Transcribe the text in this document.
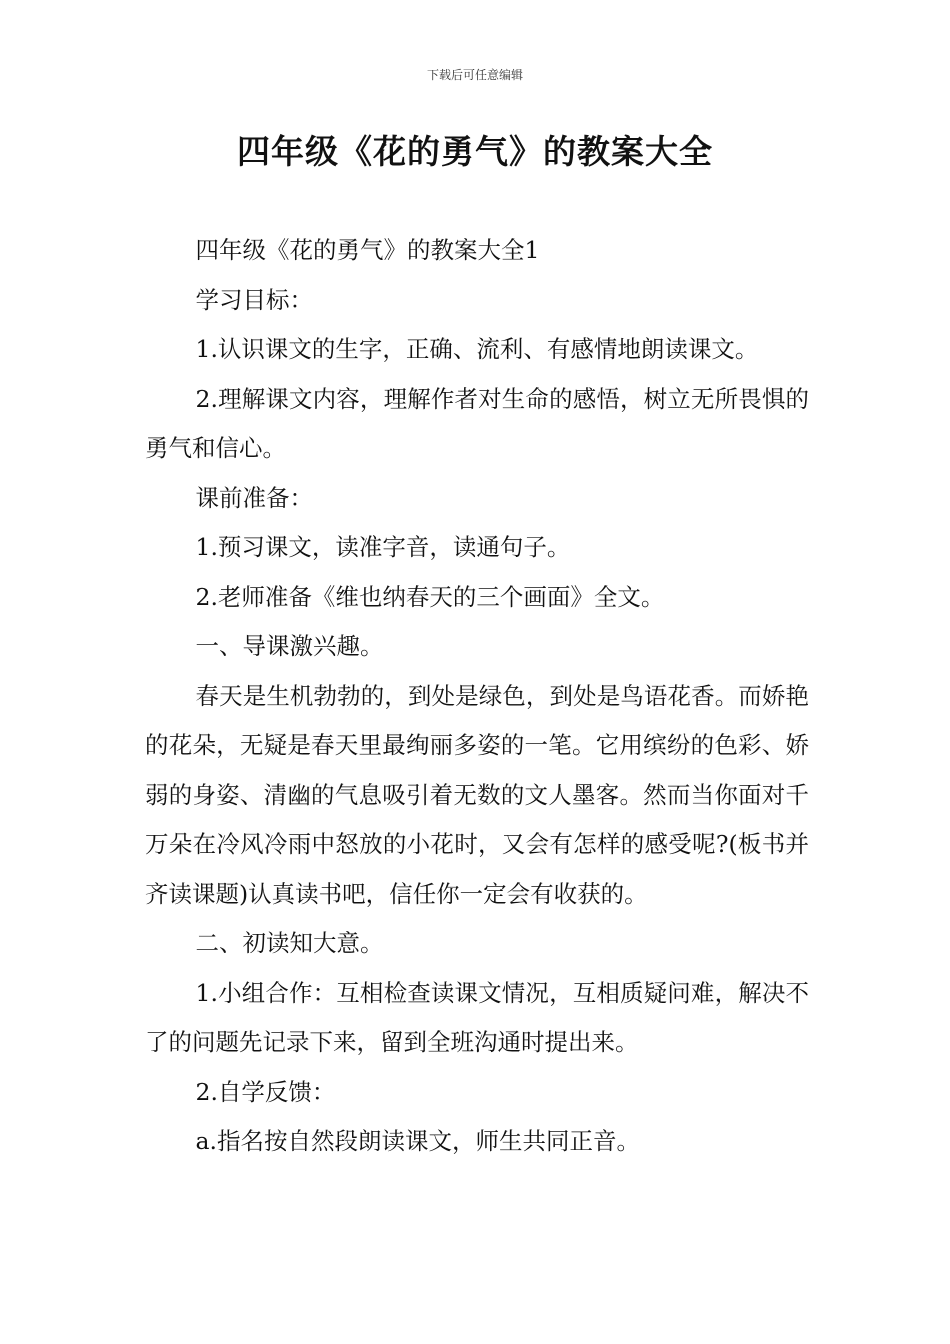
下载后可任意编辑
四年级《花的勇气》的教案大全

四年级《花的勇气》的教案大全1

学习目标：

1.认识课文的生字，正确、流利、有感情地朗读课文。

2.理解课文内容，理解作者对生命的感悟，树立无所畏惧的勇气和信心。

课前准备：

1.预习课文，读准字音，读通句子。

2.老师准备《维也纳春天的三个画面》全文。

一、导课激兴趣。

春天是生机勃勃的，到处是绿色，到处是鸟语花香。而娇艳的花朵，无疑是春天里最绚丽多姿的一笔。它用缤纷的色彩、娇弱的身姿、清幽的气息吸引着无数的文人墨客。然而当你面对千万朵在冷风冷雨中怒放的小花时，又会有怎样的感受呢?(板书并齐读课题)认真读书吧，信任你一定会有收获的。

二、初读知大意。

1.小组合作：互相检查读课文情况，互相质疑问难，解决不了的问题先记录下来，留到全班沟通时提出来。

2.自学反馈：

a.指名按自然段朗读课文，师生共同正音。
